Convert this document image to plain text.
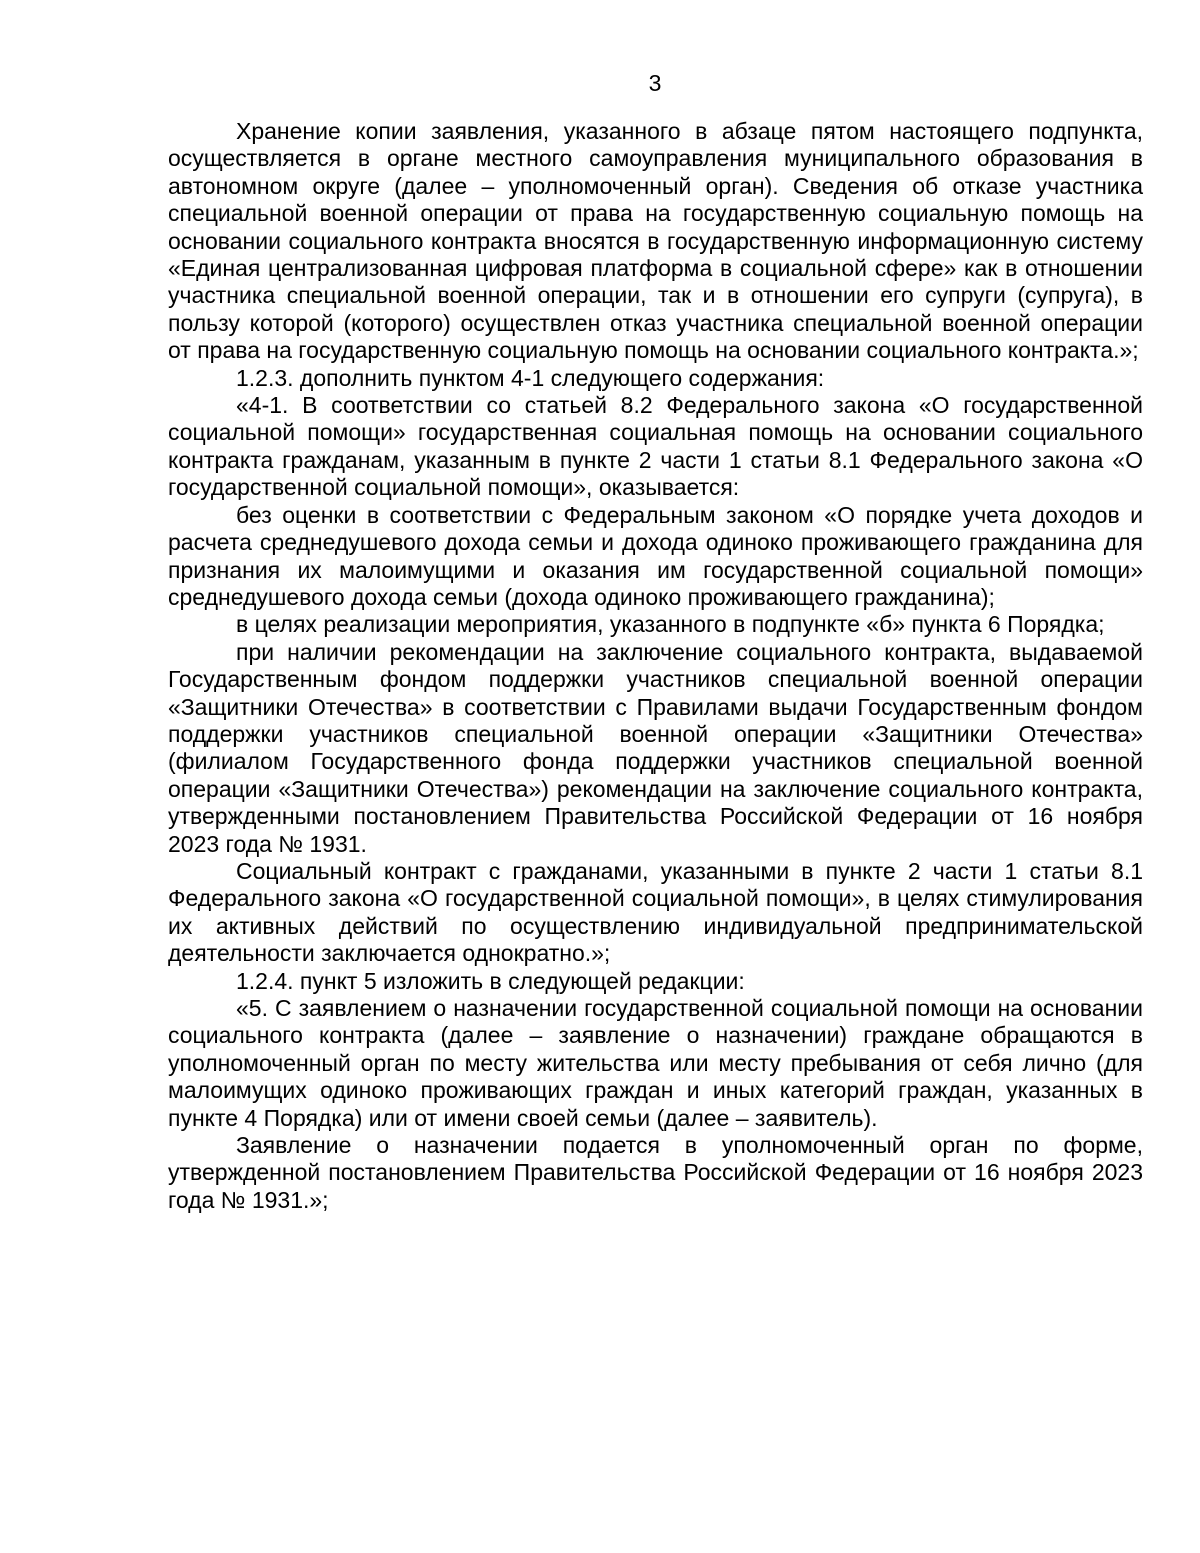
3

Хранение копии заявления, указанного в абзаце пятом настоящего подпункта, осуществляется в органе местного самоуправления муниципального образования в автономном округе (далее – уполномоченный орган). Сведения об отказе участника специальной военной операции от права на государственную социальную помощь на основании социального контракта вносятся в государственную информационную систему «Единая централизованная цифровая платформа в социальной сфере» как в отношении участника специальной военной операции, так и в отношении его супруги (супруга), в пользу которой (которого) осуществлен отказ участника специальной военной операции от права на государственную социальную помощь на основании социального контракта.»;

1.2.3. дополнить пунктом 4-1 следующего содержания:

«4-1. В соответствии со статьей 8.2 Федерального закона «О государственной социальной помощи» государственная социальная помощь на основании социального контракта гражданам, указанным в пункте 2 части 1 статьи 8.1 Федерального закона «О государственной социальной помощи», оказывается:

без оценки в соответствии с Федеральным законом «О порядке учета доходов и расчета среднедушевого дохода семьи и дохода одиноко проживающего гражданина для признания их малоимущими и оказания им государственной социальной помощи» среднедушевого дохода семьи (дохода одиноко проживающего гражданина);

в целях реализации мероприятия, указанного в подпункте «б» пункта 6 Порядка;

при наличии рекомендации на заключение социального контракта, выдаваемой Государственным фондом поддержки участников специальной военной операции «Защитники Отечества» в соответствии с Правилами выдачи Государственным фондом поддержки участников специальной военной операции «Защитники Отечества» (филиалом Государственного фонда поддержки участников специальной военной операции «Защитники Отечества») рекомендации на заключение социального контракта, утвержденными постановлением Правительства Российской Федерации от 16 ноября 2023 года № 1931.

Социальный контракт с гражданами, указанными в пункте 2 части 1 статьи 8.1 Федерального закона «О государственной социальной помощи», в целях стимулирования их активных действий по осуществлению индивидуальной предпринимательской деятельности заключается однократно.»;

1.2.4. пункт 5 изложить в следующей редакции:

«5. С заявлением о назначении государственной социальной помощи на основании социального контракта (далее – заявление о назначении) граждане обращаются в уполномоченный орган по месту жительства или месту пребывания от себя лично (для малоимущих одиноко проживающих граждан и иных категорий граждан, указанных в пункте 4 Порядка) или от имени своей семьи (далее – заявитель).

Заявление о назначении подается в уполномоченный орган по форме, утвержденной постановлением Правительства Российской Федерации от 16 ноября 2023 года № 1931.»;
